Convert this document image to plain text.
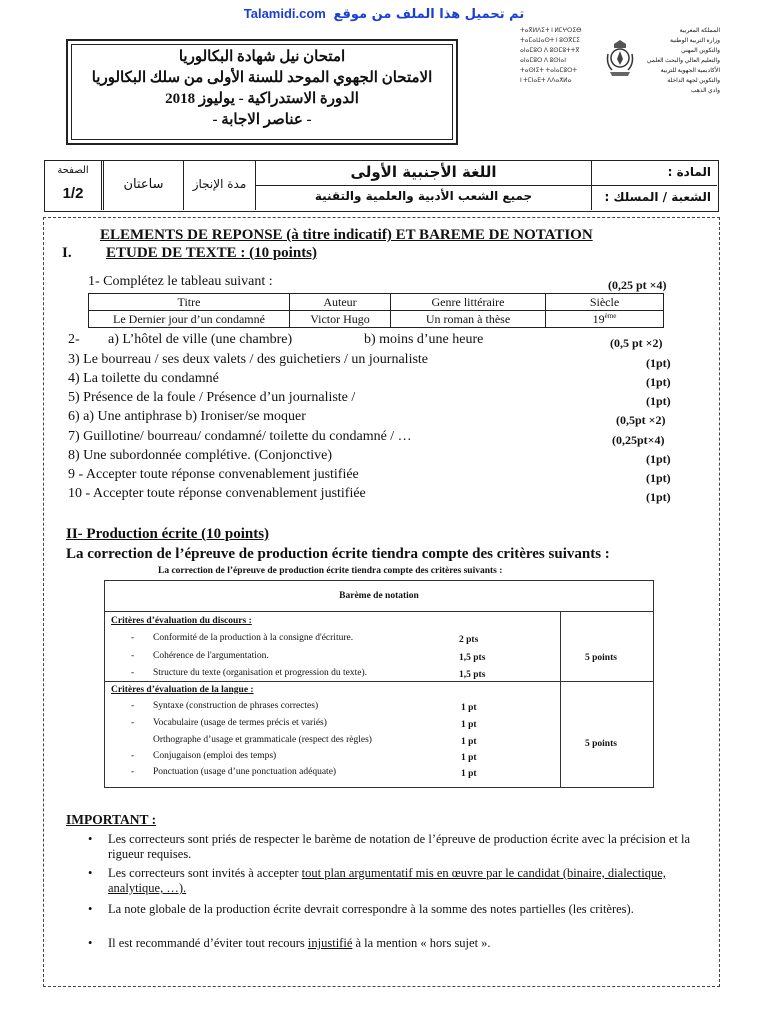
Talamidi.com تم تحميل هذا الملف من موقع
امتحان نيل شهادة البكالوريا
الامتحان الجهوي الموحد للسنة الأولى من سلك البكالوريا
الدورة الاستدراكية - يوليوز 2018
- عناصر الاجابة -
ⵜⴰⴳⵍⴷⵉⵜ ⵏ ⵍⵎⵖⵔⵉⴱ
ⵜⴰⵎⴰⵡⴰⵙⵜ ⵏ ⵓⵙⴳⵎⵉ
ⴰⵏⴰⵎⵓⵔ ⴷ ⵓⵙⵎⵓⵜⵜⴳ
ⴰⵏⴰⵎⵓⵔ ⴷ ⵓⵙⵏⴰⵏ
ⵜⴰⵙⵏⵉⵜ ⵜⴰⵏⴰⵎⵓⵔⵜ
ⵏ ⵜⵎⵏⴰⴹⵜ ⴷⴷⴰⵅⵍⴰ
المملكة المغربية
وزارة التربية الوطنية
والتكوين المهني
والتعليم العالي والبحث العلمي
الأكاديمية الجهوية للتربية
والتكوين لجهة الداخلة
وادي الذهب
الصفحة
1/2
ساعتان	مدة الإنجاز
اللغة الأجنبية الأولى
جميع الشعب الأدبية والعلمية والتقنية
المادة :
الشعبة / المسلك :
ELEMENTS DE REPONSE (à titre indicatif) ET BAREME DE NOTATION
I. ETUDE DE TEXTE : (10 points)
1- Complétez le tableau suivant :	(0,25 pt ×4)
Titre	Auteur	Genre littéraire	Siècle
Le Dernier jour d’un condamné	Victor Hugo	Un roman à thèse	19ème
2- a) L’hôtel de ville (une chambre)	b) moins d’une heure	(0,5 pt ×2)
3) Le bourreau / ses deux valets / des guichetiers / un journaliste	(1pt)
4) La toilette du condamné	(1pt)
5) Présence de la foule / Présence d’un journaliste /	(1pt)
6) a) Une antiphrase b) Ironiser/se moquer	(0,5pt ×2)
7) Guillotine/ bourreau/ condamné/ toilette du condamné / …	(0,25pt×4)
8) Une subordonnée complétive. (Conjonctive)	(1pt)
9 - Accepter toute réponse convenablement justifiée	(1pt)
10 - Accepter toute réponse convenablement justifiée	(1pt)
II- Production écrite (10 points)
La correction de l’épreuve de production écrite tiendra compte des critères suivants :
La correction de l’épreuve de production écrite tiendra compte des critères suivants :
Barème de notation
Critères d’évaluation du discours :
- Conformité de la production à la consigne d'écriture.	2 pts
- Cohérence de l'argumentation.	1,5 pts
- Structure du texte (organisation et progression du texte).	1,5 pts
5 points
Critères d’évaluation de la langue :
- Syntaxe (construction de phrases correctes)	1 pt
- Vocabulaire (usage de termes précis et variés)	1 pt
Orthographe d’usage et grammaticale (respect des règles)	1 pt
- Conjugaison (emploi des temps)	1 pt
- Ponctuation (usage d’une ponctuation adéquate)	1 pt
5 points
IMPORTANT :
• Les correcteurs sont priés de respecter le barème de notation de l’épreuve de production écrite avec la précision et la rigueur requises.
• Les correcteurs sont invités à accepter tout plan argumentatif mis en œuvre par le candidat (binaire, dialectique, analytique, …).
• La note globale de la production écrite devrait correspondre à la somme des notes partielles (les critères).
• Il est recommandé d’éviter tout recours injustifié à la mention « hors sujet ».
